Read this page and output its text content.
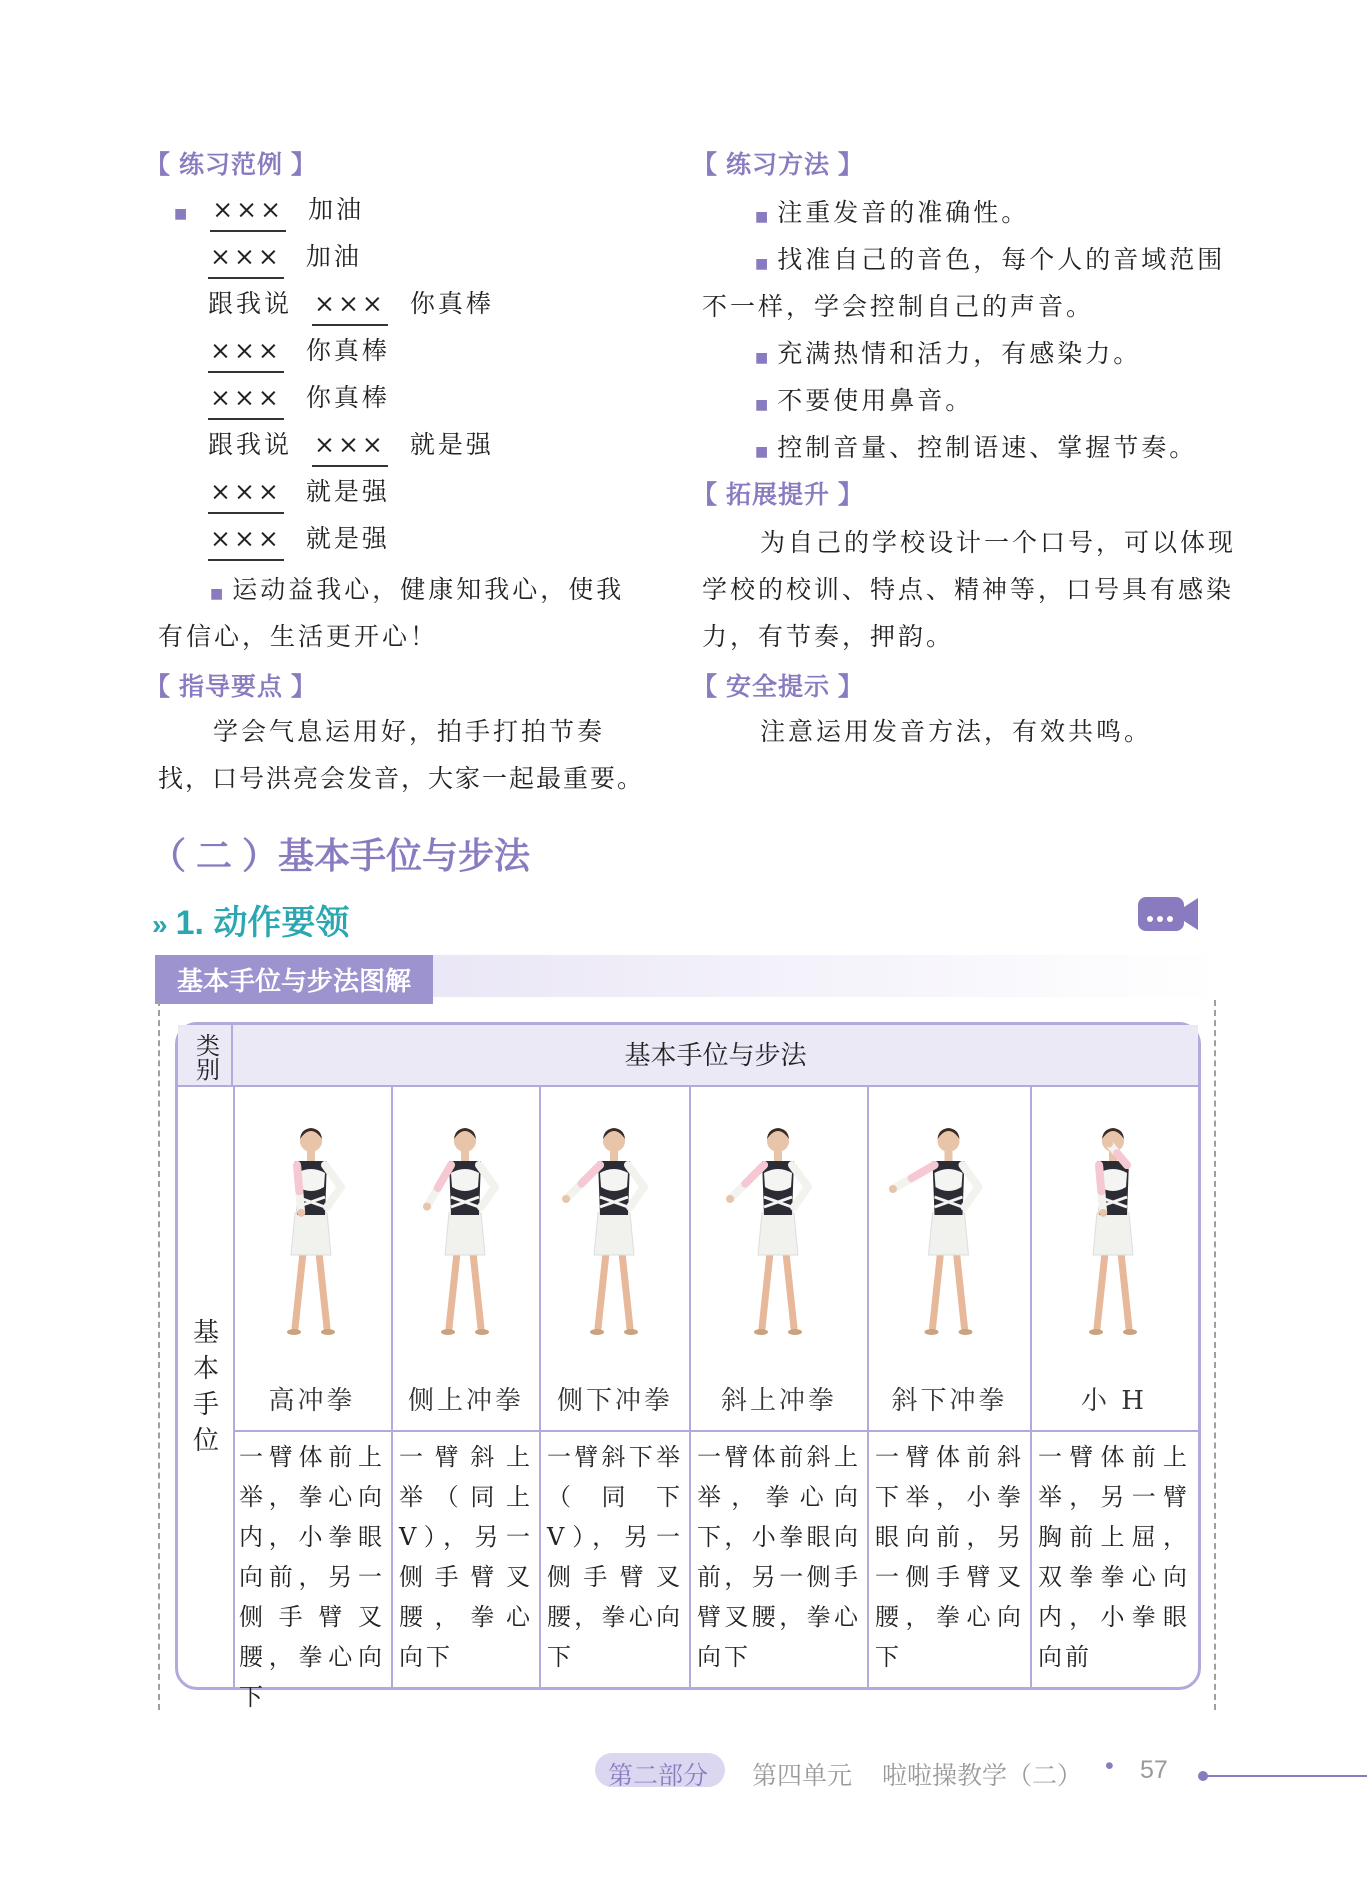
【 练习范例 】
■ ××× 加油
××× 加油
跟我说 ××× 你真棒
××× 你真棒
××× 你真棒
跟我说 ××× 就是强
××× 就是强
××× 就是强
■ 运动益我心，健康知我心，使我
有信心，生活更开心！
【 指导要点 】
学会气息运用好，拍手打拍节奏
找，口号洪亮会发音，大家一起最重要。
【 练习方法 】
■ 注重发音的准确性。
■ 找准自己的音色，每个人的音域范围
不一样，学会控制自己的声音。
■ 充满热情和活力，有感染力。
■ 不要使用鼻音。
■ 控制音量、控制语速、掌握节奏。
【 拓展提升 】
为自己的学校设计一个口号，可以体现
学校的校训、特点、精神等，口号具有感染
力，有节奏，押韵。
【 安全提示 】
注意运用发音方法，有效共鸣。
（ 二 ）基本手位与步法
» 1. 动作要领
基本手位与步法图解
类别	基本手位与步法
基本手位
高冲拳
一臂体前上举，拳心向内，小拳眼向前，另一侧手臂叉腰，拳心向下
侧上冲拳
一臂斜上举（同上V），另一侧手臂叉腰，拳心向下
侧下冲拳
一臂斜下举（同下V），另一侧手臂叉腰，拳心向下
斜上冲拳
一臂体前斜上举，拳心向下，小拳眼向前，另一侧手臂叉腰，拳心向下
斜下冲拳
一臂体前斜下举，小拳眼向前，另一侧手臂叉腰，拳心向下
小 H
一臂体前上举，另一臂胸前上屈，双拳拳心向内，小拳眼向前
第二部分 第四单元 啦啦操教学（二） • 57
